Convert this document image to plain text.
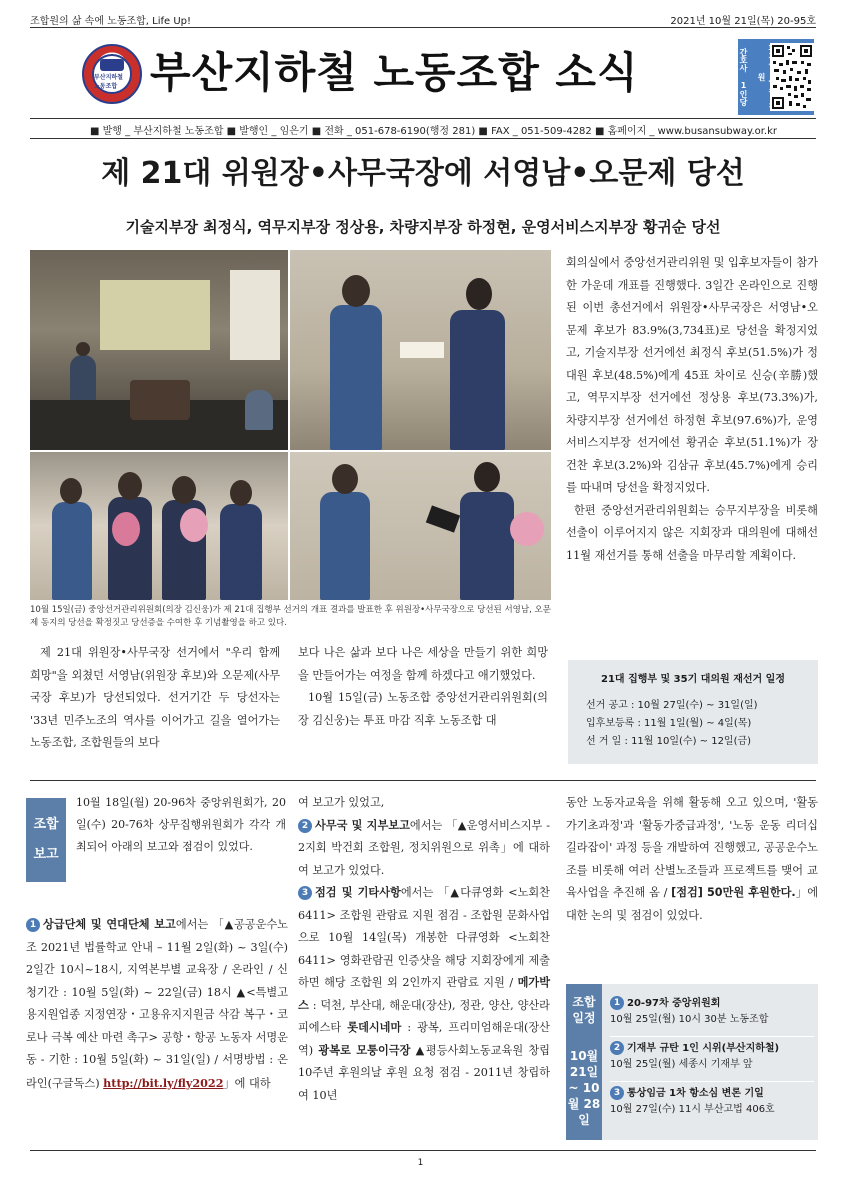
조합원의 삶 속에 노동조합, Life Up!	2021년 10월 21일(목) 20-95호
부산지하철 노동조합 부산지하철 노동조합 소식	간호사 1인당 원
■ 발행 _ 부산지하철 노동조합 ■ 발행인 _ 임은기 ■ 전화 _ 051-678-6190(행정 281) ■ FAX _ 051-509-4282 ■ 홈페이지 _ www.busansubway.or.kr
제 21대 위원장•사무국장에 서영남•오문제 당선
기술지부장 최정식, 역무지부장 정상용, 차량지부장 하정현, 운영서비스지부장 황귀순 당선
10월 15일(금) 중앙선거관리위원회(의장 김신웅)가 제 21대 집행부 선거의 개표 결과를 발표한 후 위원장•사무국장으로 당선된 서영남, 오문제 동지의 당선을 확정짓고 당선증을 수여한 후 기념촬영을 하고 있다.

회의실에서 중앙선거관리위원 및 입후보자들이 참가한 가운데 개표를 진행했다. 3일간 온라인으로 진행된 이번 총선거에서 위원장•사무국장은 서영남•오문제 후보가 83.9%(3,734표)로 당선을 확정지었고, 기술지부장 선거에선 최정식 후보(51.5%)가 정대원 후보(48.5%)에게 45표 차이로 신승(辛勝)했고, 역무지부장 선거에선 정상용 후보(73.3%)가, 차량지부장 선거에선 하정현 후보(97.6%)가, 운영서비스지부장 선거에선 황귀순 후보(51.1%)가 장건찬 후보(3.2%)와 김삼규 후보(45.7%)에게 승리를 따내며 당선을 확정지었다.

한편 중앙선거관리위원회는 승무지부장을 비롯해 선출이 이루어지지 않은 지회장과 대의원에 대해선 11월 재선거를 통해 선출을 마무리할 계획이다.

제 21대 위원장•사무국장 선거에서 "우리 함께 희망"을 외쳤던 서영남(위원장 후보)와 오문제(사무국장 후보)가 당선되었다. 선거기간 두 당선자는 '33년 민주노조의 역사를 이어가고 길을 열어가는 노동조합, 조합원들의 보다

보다 나은 삶과 보다 나은 세상을 만들기 위한 희망을 만들어가는 여정을 함께 하겠다고 애기했었다.

10월 15일(금) 노동조합 중앙선거관리위원회(의장 김신웅)는 투표 마감 직후 노동조합 대

21대 집행부 및 35기 대의원 재선거 일정
선거 공고 : 10월 27일(수) ~ 31일(일)
입후보등록 : 11월 1일(월) ~ 4일(목)
선 거 일 : 11월 10일(수) ~ 12일(금)
조합
보고
10월 18일(월) 20-96차 중앙위원회가, 20일(수) 20-76차 상무집행위원회가 각각 개최되어 아래의 보고와 점검이 있었다.
1 상급단체 및 연대단체 보고에서는 「▲공공운수노조 2021년 법률학교 안내 – 11월 2일(화) ~ 3일(수) 2일간 10시~18시, 지역본부별 교육장 / 온라인 / 신청기간 : 10월 5일(화) ~ 22일(금) 18시 ▲<특별고용지원업종 지정연장・고용유지지원금 삭감 복구・코로나 극복 예산 마련 촉구> 공항・항공 노동자 서명운동 - 기한 : 10월 5일(화) ~ 31일(일) / 서명방법 : 온라인(구글독스) http://bit.ly/fly2022」에 대하

여 보고가 있었고,

2 사무국 및 지부보고에서는 「▲운영서비스지부 - 2지회 박건회 조합원, 정치위원으로 위촉」에 대하여 보고가 있었다.

3 점검 및 기타사항에서는 「▲다큐영화 <노회찬6411> 조합원 관람료 지원 점검 - 조합원 문화사업으로 10월 14일(목) 개봉한 다큐영화 <노회찬6411> 영화관람권 인증샷을 해당 지회장에게 제출하면 해당 조합원 외 2인까지 관람료 지원 / 메가박스 : 덕천, 부산대, 해운대(장산), 정관, 양산, 양산라피에스타 롯데시네마 : 광복, 프리미엄해운대(장산역) 광복로 모퉁이극장 ▲평등사회노동교육원 창립 10주년 후원의날 후원 요청 점검 - 2011년 창립하여 10년

동안 노동자교육을 위해 활동해 오고 있으며, '활동가기초과정'과 '활동가중급과정', '노동 운동 리더십 길라잡이' 과정 등을 개발하여 진행했고, 공공운수노조를 비롯해 여러 산별노조들과 프로젝트를 맺어 교육사업을 추진해 옴 / [점검] 50만원 후원한다.」에 대한 논의 및 점검이 있었다.
조합 일정
10월 21일 ~ 10월 28일
1 20-97차 중앙위원회
10월 25일(월) 10시 30분 노동조합
2 기재부 규탄 1인 시위(부산지하철)
10월 25일(월) 세종시 기재부 앞
3 통상임금 1차 항소심 변론 기일
10월 27일(수) 11시 부산고법 406호
1
